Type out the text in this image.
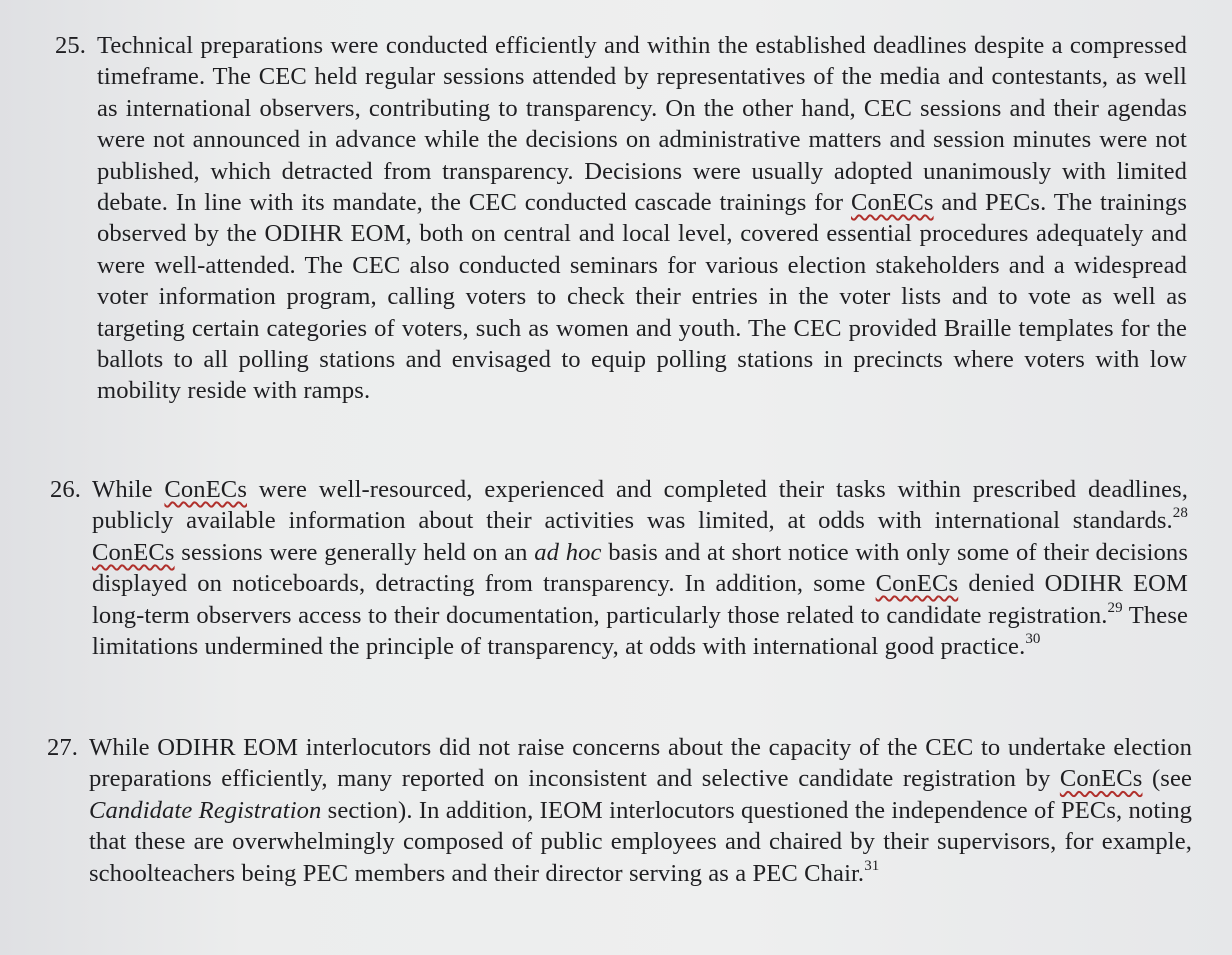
25. Technical preparations were conducted efficiently and within the established deadlines despite a compressed timeframe. The CEC held regular sessions attended by representatives of the media and contestants, as well as international observers, contributing to transparency. On the other hand, CEC sessions and their agendas were not announced in advance while the decisions on administrative matters and session minutes were not published, which detracted from transparency. Decisions were usually adopted unanimously with limited debate. In line with its mandate, the CEC conducted cascade trainings for ConECs and PECs. The trainings observed by the ODIHR EOM, both on central and local level, covered essential procedures adequately and were well-attended. The CEC also conducted seminars for various election stakeholders and a widespread voter information program, calling voters to check their entries in the voter lists and to vote as well as targeting certain categories of voters, such as women and youth. The CEC provided Braille templates for the ballots to all polling stations and envisaged to equip polling stations in precincts where voters with low mobility reside with ramps.
26. While ConECs were well-resourced, experienced and completed their tasks within prescribed deadlines, publicly available information about their activities was limited, at odds with international standards.$^{28}$ ConECs sessions were generally held on an ad hoc basis and at short notice with only some of their decisions displayed on noticeboards, detracting from transparency. In addition, some ConECs denied ODIHR EOM long-term observers access to their documentation, particularly those related to candidate registration.$^{29}$ These limitations undermined the principle of transparency, at odds with international good practice.$^{30}$
27. While ODIHR EOM interlocutors did not raise concerns about the capacity of the CEC to undertake election preparations efficiently, many reported on inconsistent and selective candidate registration by ConECs (see Candidate Registration section). In addition, IEOM interlocutors questioned the independence of PECs, noting that these are overwhelmingly composed of public employees and chaired by their supervisors, for example, schoolteachers being PEC members and their director serving as a PEC Chair.$^{31}$
